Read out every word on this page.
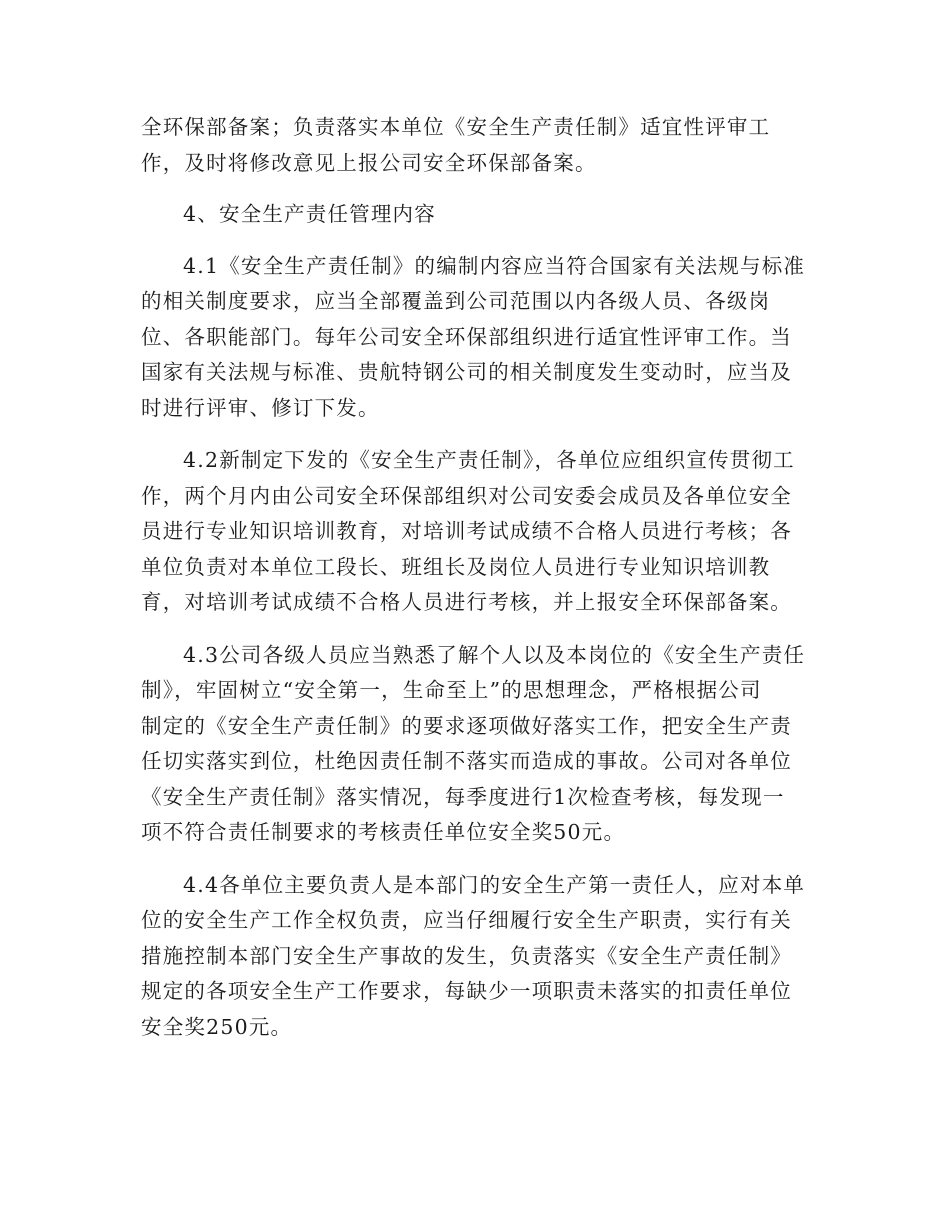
全环保部备案；负责落实本单位《安全生产责任制》适宜性评审工
作，及时将修改意见上报公司安全环保部备案。

4、安全生产责任管理内容

4.1《安全生产责任制》的编制内容应当符合国家有关法规与标准
的相关制度要求，应当全部覆盖到公司范围以内各级人员、各级岗
位、各职能部门。每年公司安全环保部组织进行适宜性评审工作。当
国家有关法规与标准、贵航特钢公司的相关制度发生变动时，应当及
时进行评审、修订下发。

4.2新制定下发的《安全生产责任制》，各单位应组织宣传贯彻工
作，两个月内由公司安全环保部组织对公司安委会成员及各单位安全
员进行专业知识培训教育，对培训考试成绩不合格人员进行考核；各
单位负责对本单位工段长、班组长及岗位人员进行专业知识培训教
育，对培训考试成绩不合格人员进行考核，并上报安全环保部备案。

4.3公司各级人员应当熟悉了解个人以及本岗位的《安全生产责任
制》，牢固树立“安全第一，生命至上”的思想理念，严格根据公司
制定的《安全生产责任制》的要求逐项做好落实工作，把安全生产责
任切实落实到位，杜绝因责任制不落实而造成的事故。公司对各单位
《安全生产责任制》落实情况，每季度进行1次检查考核，每发现一
项不符合责任制要求的考核责任单位安全奖50元。

4.4各单位主要负责人是本部门的安全生产第一责任人，应对本单
位的安全生产工作全权负责，应当仔细履行安全生产职责，实行有关
措施控制本部门安全生产事故的发生，负责落实《安全生产责任制》
规定的各项安全生产工作要求，每缺少一项职责未落实的扣责任单位
安全奖250元。
